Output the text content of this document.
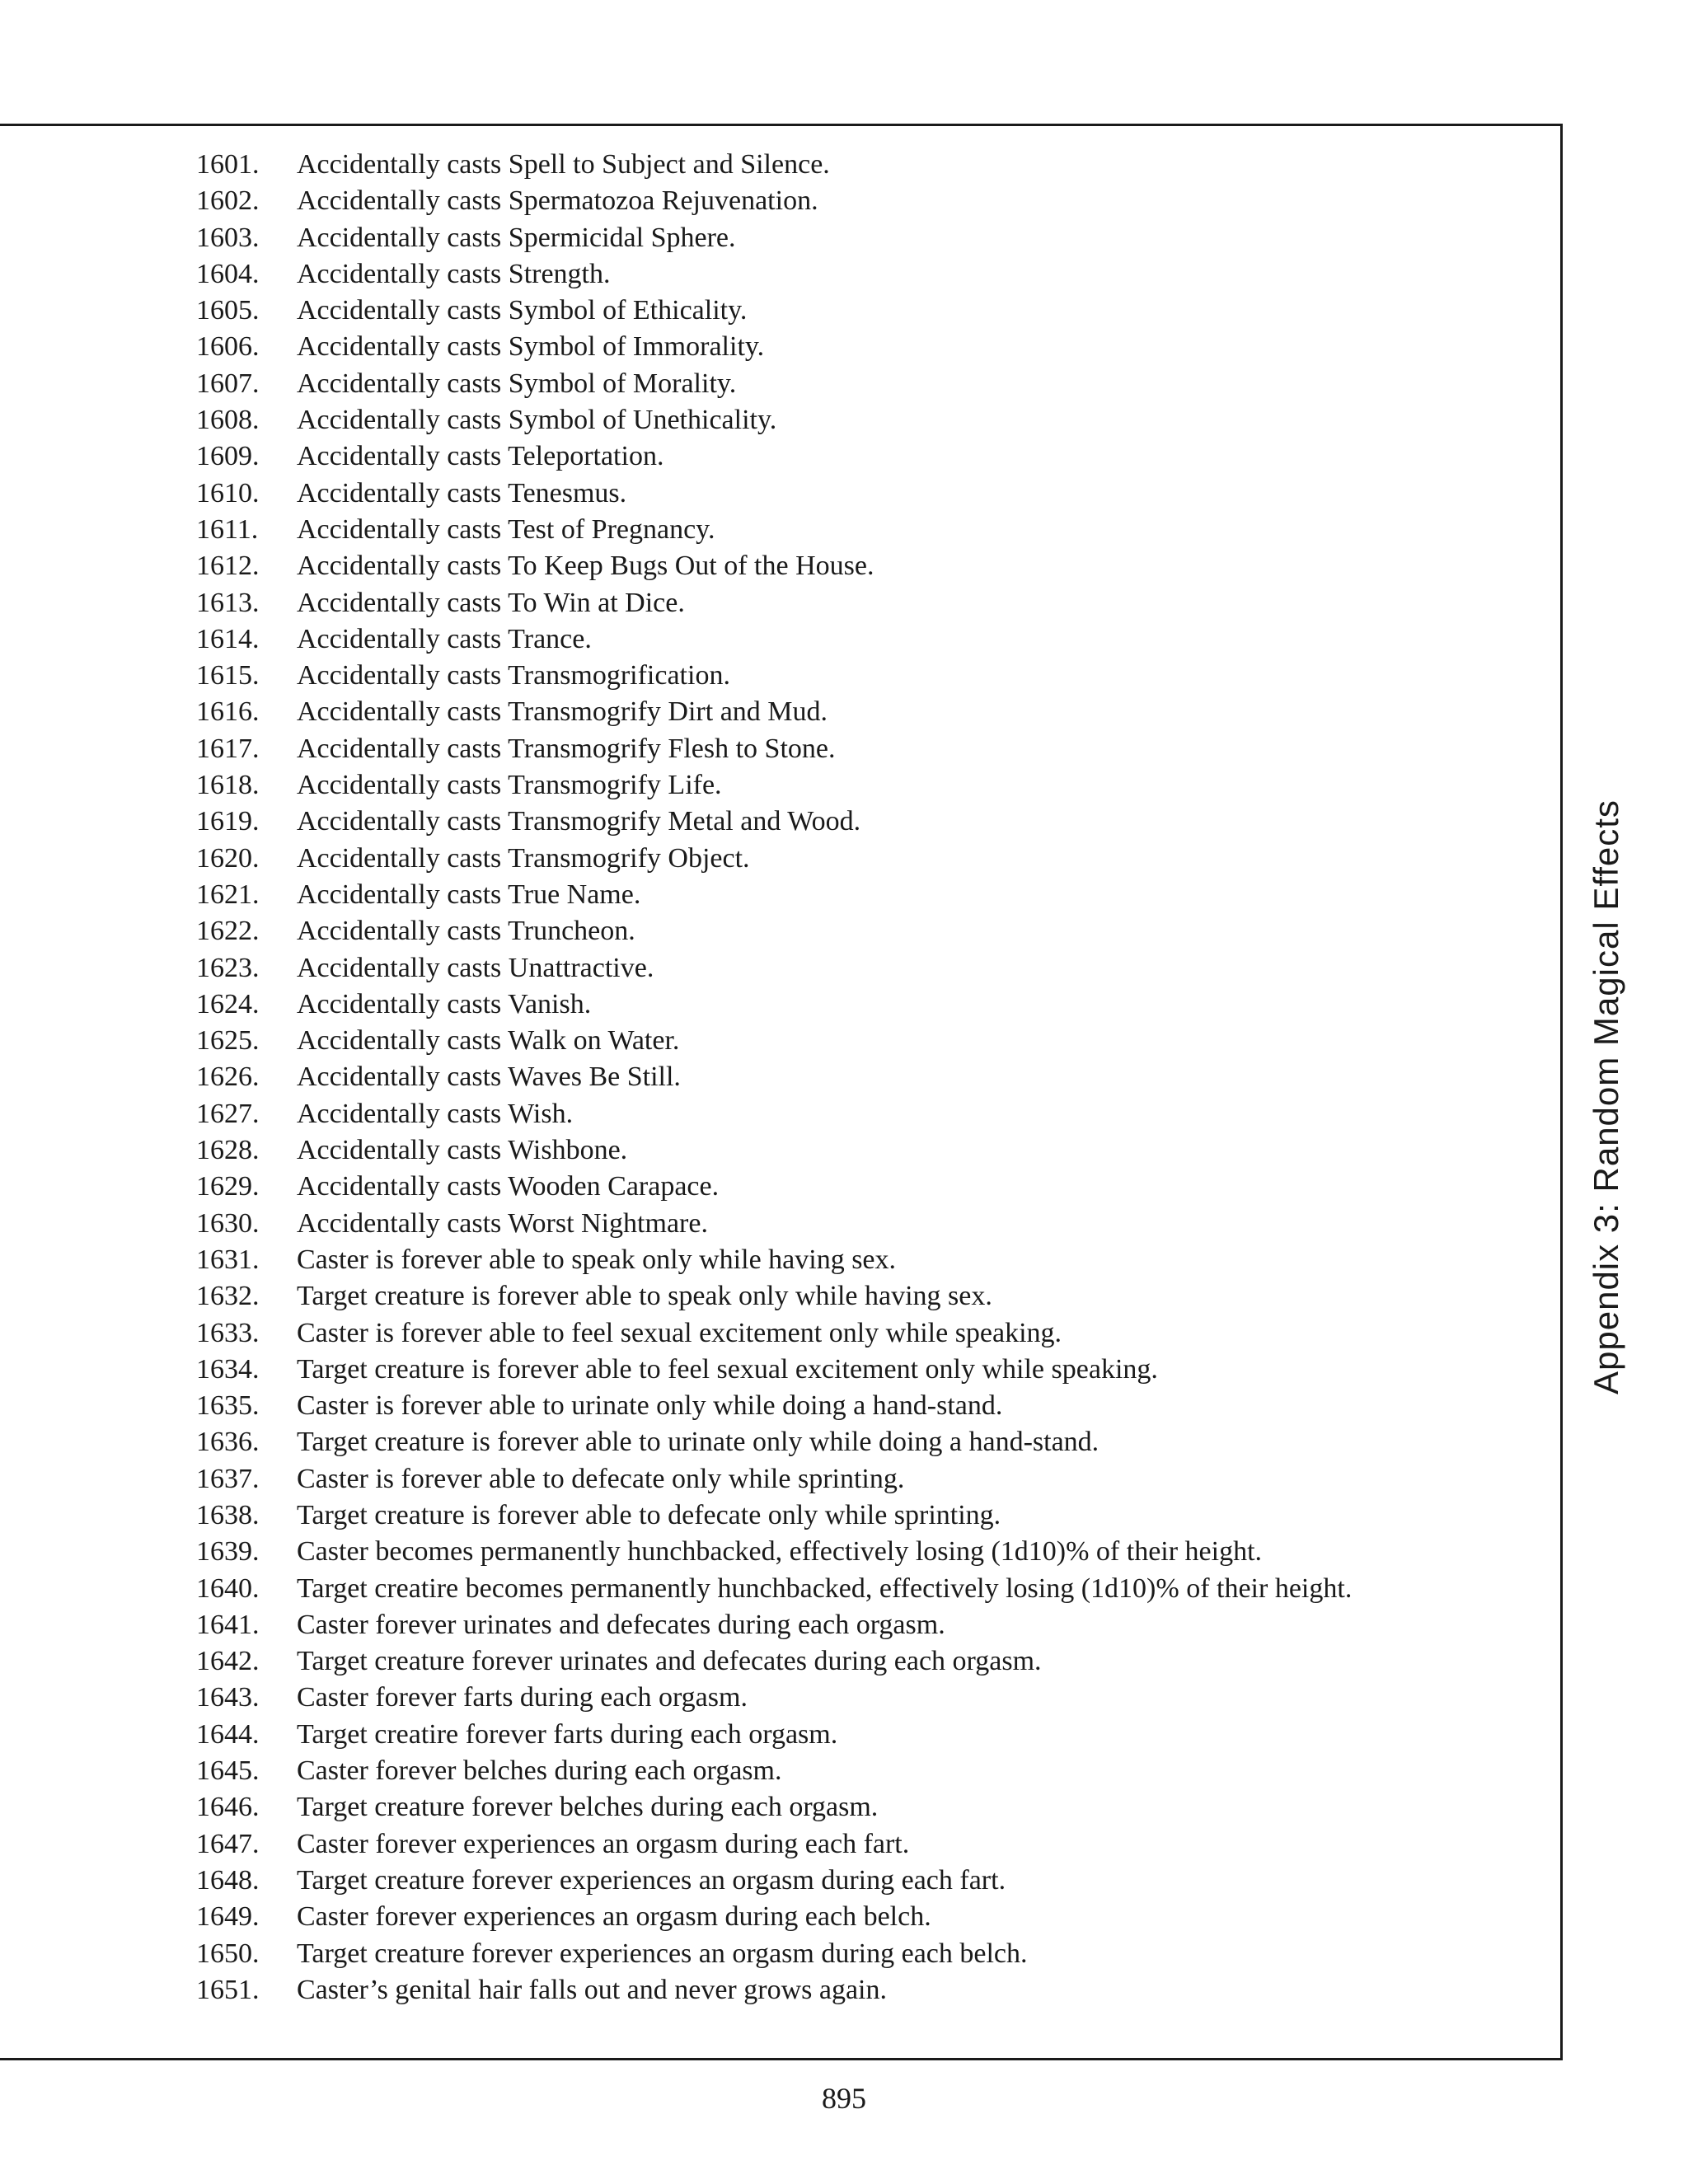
1601.	Accidentally casts Spell to Subject and Silence.
1602.	Accidentally casts Spermatozoa Rejuvenation.
1603.	Accidentally casts Spermicidal Sphere.
1604.	Accidentally casts Strength.
1605.	Accidentally casts Symbol of Ethicality.
1606.	Accidentally casts Symbol of Immorality.
1607.	Accidentally casts Symbol of Morality.
1608.	Accidentally casts Symbol of Unethicality.
1609.	Accidentally casts Teleportation.
1610.	Accidentally casts Tenesmus.
1611.	Accidentally casts Test of Pregnancy.
1612.	Accidentally casts To Keep Bugs Out of the House.
1613.	Accidentally casts To Win at Dice.
1614.	Accidentally casts Trance.
1615.	Accidentally casts Transmogrification.
1616.	Accidentally casts Transmogrify Dirt and Mud.
1617.	Accidentally casts Transmogrify Flesh to Stone.
1618.	Accidentally casts Transmogrify Life.
1619.	Accidentally casts Transmogrify Metal and Wood.
1620.	Accidentally casts Transmogrify Object.
1621.	Accidentally casts True Name.
1622.	Accidentally casts Truncheon.
1623.	Accidentally casts Unattractive.
1624.	Accidentally casts Vanish.
1625.	Accidentally casts Walk on Water.
1626.	Accidentally casts Waves Be Still.
1627.	Accidentally casts Wish.
1628.	Accidentally casts Wishbone.
1629.	Accidentally casts Wooden Carapace.
1630.	Accidentally casts Worst Nightmare.
1631.	Caster is forever able to speak only while having sex.
1632.	Target creature is forever able to speak only while having sex.
1633.	Caster is forever able to feel sexual excitement only while speaking.
1634.	Target creature is forever able to feel sexual excitement only while speaking.
1635.	Caster is forever able to urinate only while doing a hand-stand.
1636.	Target creature is forever able to urinate only while doing a hand-stand.
1637.	Caster is forever able to defecate only while sprinting.
1638.	Target creature is forever able to defecate only while sprinting.
1639.	Caster becomes permanently hunchbacked, effectively losing (1d10)% of their height.
1640.	Target creatire becomes permanently hunchbacked, effectively losing (1d10)% of their height.
1641.	Caster forever urinates and defecates during each orgasm.
1642.	Target creature forever urinates and defecates during each orgasm.
1643.	Caster forever farts during each orgasm.
1644.	Target creatire forever farts during each orgasm.
1645.	Caster forever belches during each orgasm.
1646.	Target creature forever belches during each orgasm.
1647.	Caster forever experiences an orgasm during each fart.
1648.	Target creature forever experiences an orgasm during each fart.
1649.	Caster forever experiences an orgasm during each belch.
1650.	Target creature forever experiences an orgasm during each belch.
1651.	Caster’s genital hair falls out and never grows again.
Appendix 3: Random Magical Effects
895
